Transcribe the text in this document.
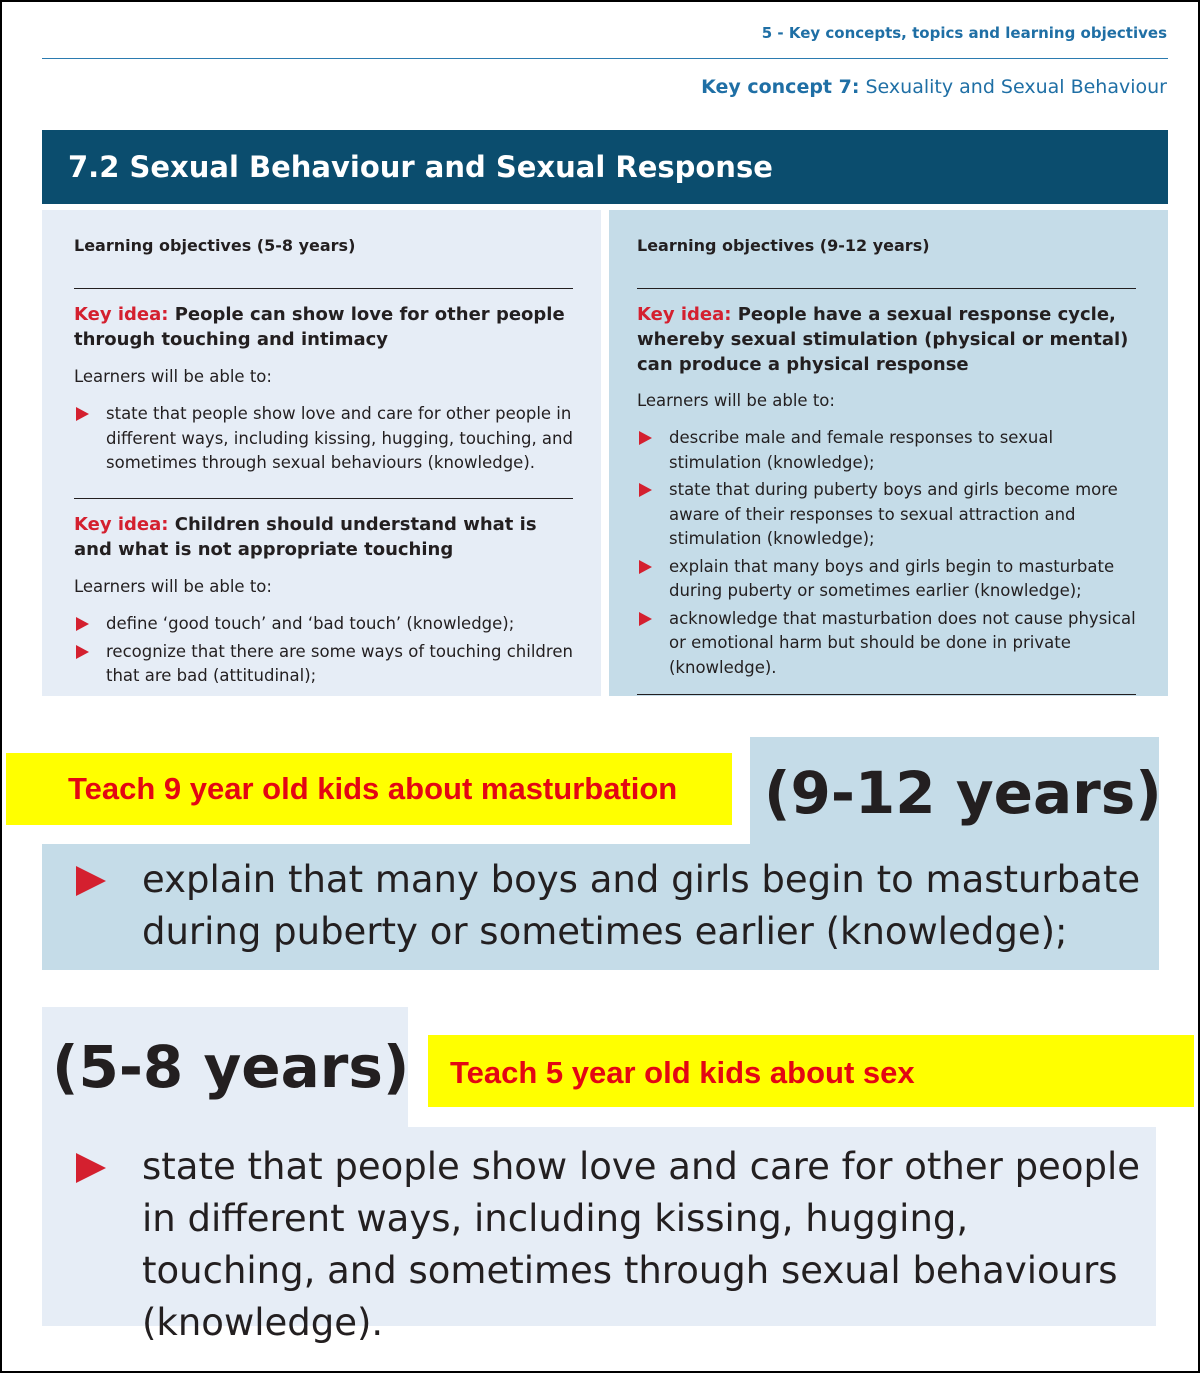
5 - Key concepts, topics and learning objectives
Key concept 7: Sexuality and Sexual Behaviour
7.2 Sexual Behaviour and Sexual Response
Learning objectives (5-8 years)
Key idea: People can show love for other people through touching and intimacy
Learners will be able to:
state that people show love and care for other people in different ways, including kissing, hugging, touching, and sometimes through sexual behaviours (knowledge).
Key idea: Children should understand what is and what is not appropriate touching
Learners will be able to:
define ‘good touch’ and ‘bad touch’ (knowledge);
recognize that there are some ways of touching children that are bad (attitudinal);
Learning objectives (9-12 years)
Key idea: People have a sexual response cycle, whereby sexual stimulation (physical or mental) can produce a physical response
Learners will be able to:
describe male and female responses to sexual stimulation (knowledge);
state that during puberty boys and girls become more aware of their responses to sexual attraction and stimulation (knowledge);
explain that many boys and girls begin to masturbate during puberty or sometimes earlier (knowledge);
acknowledge that masturbation does not cause physical or emotional harm but should be done in private (knowledge).
Teach 9 year old kids about masturbation (9-12 years)
explain that many boys and girls begin to masturbate during puberty or sometimes earlier (knowledge);
(5-8 years) Teach 5 year old kids about sex
state that people show love and care for other people in different ways, including kissing, hugging, touching, and sometimes through sexual behaviours (knowledge).
